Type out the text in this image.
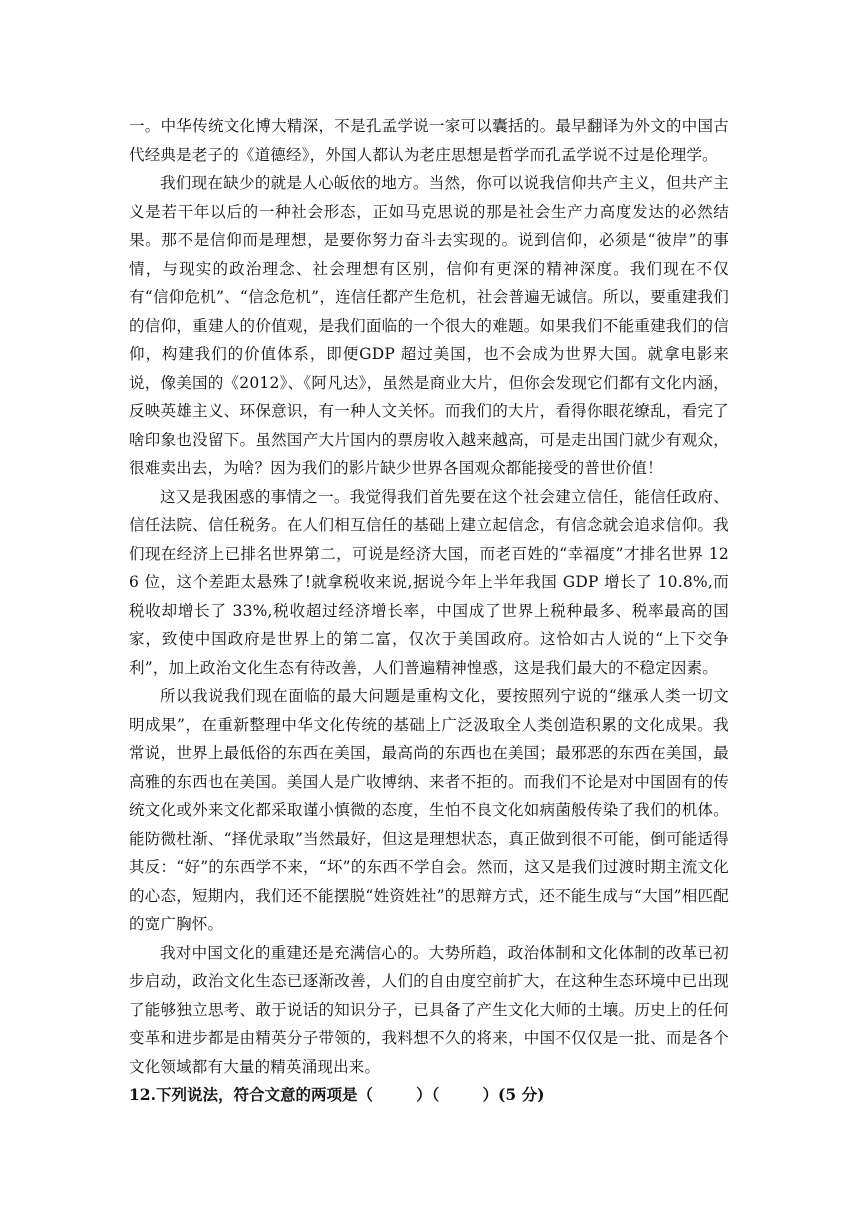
一。中华传统文化博大精深，不是孔孟学说一家可以囊括的。最早翻译为外文的中国古代经典是老子的《道德经》，外国人都认为老庄思想是哲学而孔孟学说不过是伦理学。

我们现在缺少的就是人心皈依的地方。当然，你可以说我信仰共产主义，但共产主义是若干年以后的一种社会形态，正如马克思说的那是社会生产力高度发达的必然结果。那不是信仰而是理想，是要你努力奋斗去实现的。说到信仰，必须是“彼岸”的事情，与现实的政治理念、社会理想有区别，信仰有更深的精神深度。我们现在不仅有“信仰危机”、“信念危机”，连信任都产生危机，社会普遍无诚信。所以，要重建我们的信仰，重建人的价值观，是我们面临的一个很大的难题。如果我们不能重建我们的信仰，构建我们的价值体系，即便GDP 超过美国，也不会成为世界大国。就拿电影来说，像美国的《2012》、《阿凡达》，虽然是商业大片，但你会发现它们都有文化内涵，反映英雄主义、环保意识，有一种人文关怀。而我们的大片，看得你眼花缭乱，看完了啥印象也没留下。虽然国产大片国内的票房收入越来越高，可是走出国门就少有观众，很难卖出去，为啥？因为我们的影片缺少世界各国观众都能接受的普世价值！

这又是我困惑的事情之一。我觉得我们首先要在这个社会建立信任，能信任政府、信任法院、信任税务。在人们相互信任的基础上建立起信念，有信念就会追求信仰。我们现在经济上已排名世界第二，可说是经济大国，而老百姓的“幸福度”才排名世界 126 位，这个差距太悬殊了!就拿税收来说,据说今年上半年我国 GDP 增长了 10.8%,而税收却增长了 33%,税收超过经济增长率，中国成了世界上税种最多、税率最高的国家，致使中国政府是世界上的第二富，仅次于美国政府。这恰如古人说的“上下交争利”，加上政治文化生态有待改善，人们普遍精神惶惑，这是我们最大的不稳定因素。

所以我说我们现在面临的最大问题是重构文化，要按照列宁说的“继承人类一切文明成果”，在重新整理中华文化传统的基础上广泛汲取全人类创造积累的文化成果。我常说，世界上最低俗的东西在美国，最高尚的东西也在美国；最邪恶的东西在美国，最高雅的东西也在美国。美国人是广收博纳、来者不拒的。而我们不论是对中国固有的传统文化或外来文化都采取谨小慎微的态度，生怕不良文化如病菌般传染了我们的机体。能防微杜渐、“择优录取”当然最好，但这是理想状态，真正做到很不可能，倒可能适得其反：“好”的东西学不来，“坏”的东西不学自会。然而，这又是我们过渡时期主流文化的心态，短期内，我们还不能摆脱“姓资姓社”的思辩方式，还不能生成与“大国”相匹配的宽广胸怀。

我对中国文化的重建还是充满信心的。大势所趋，政治体制和文化体制的改革已初步启动，政治文化生态已逐渐改善，人们的自由度空前扩大，在这种生态环境中已出现了能够独立思考、敢于说话的知识分子，已具备了产生文化大师的土壤。历史上的任何变革和进步都是由精英分子带领的，我料想不久的将来，中国不仅仅是一批、而是各个文化领域都有大量的精英涌现出来。

12.下列说法，符合文意的两项是（        ）（        ）(5 分)
